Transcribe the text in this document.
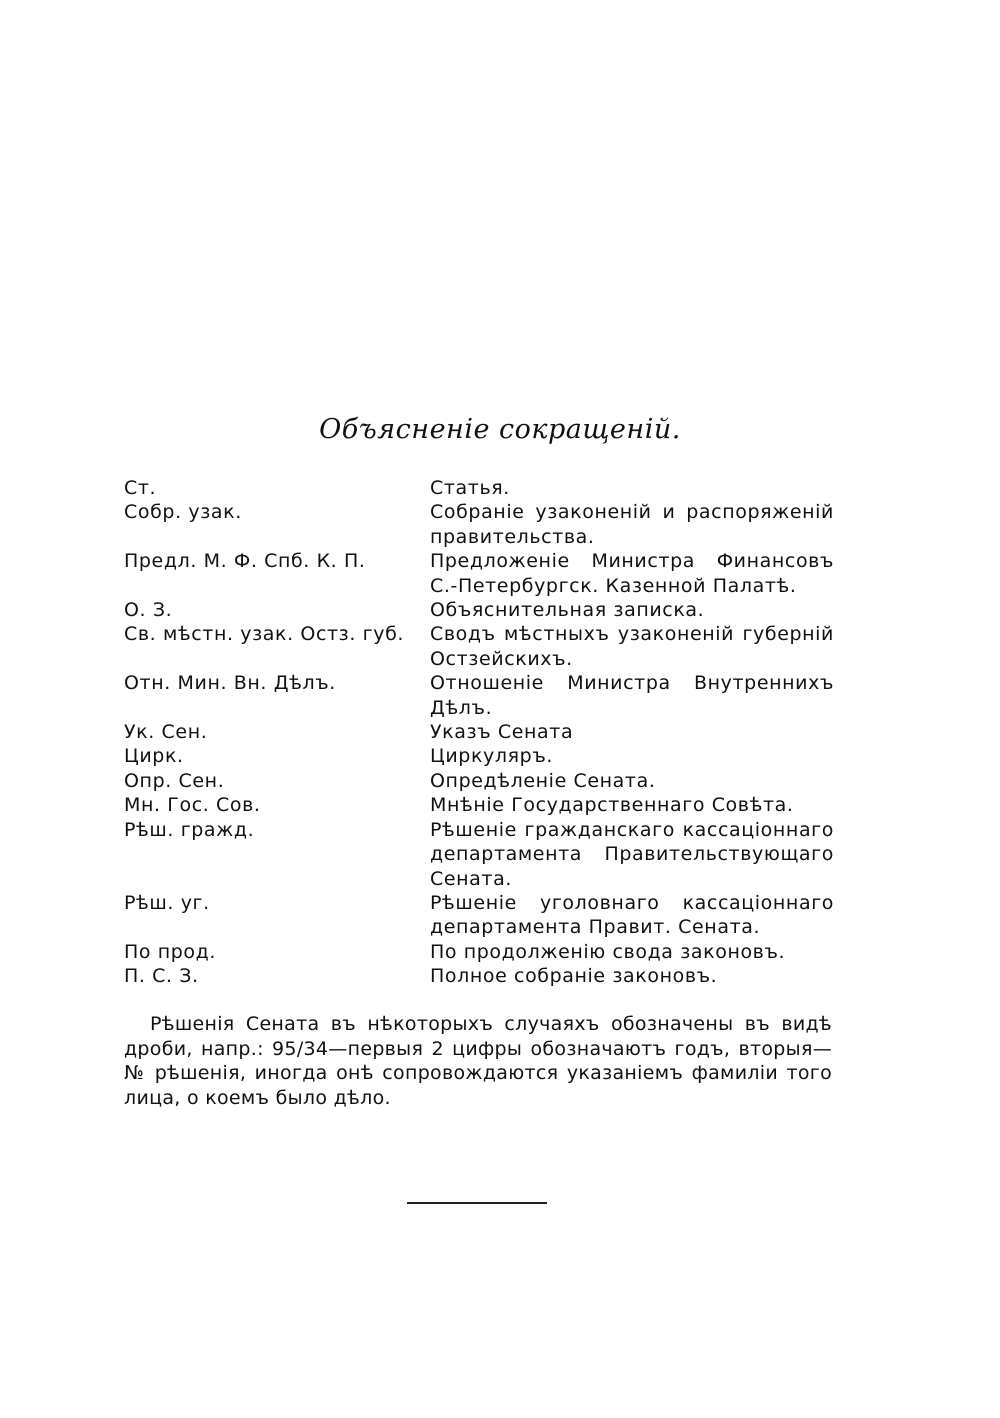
Объясненіе сокращеній.
Ст.	Статья.
Собр. узак.	Собраніе узаконеній и распоряженій правительства.
Предл. М. Ф. Спб. К. П.	Предложеніе Министра Финансовъ С.-Петербургск. Казенной Палатѣ.
О. З.	Объяснительная записка.
Св. мѣстн. узак. Остз. губ.	Сводъ мѣстныхъ узаконеній губерній Остзейскихъ.
Отн. Мин. Вн. Дѣлъ.	Отношеніе Министра Внутреннихъ Дѣлъ.
Ук. Сен.	Указъ Сената
Цирк.	Циркуляръ.
Опр. Сен.	Опредѣленіе Сената.
Мн. Гос. Сов.	Мнѣніе Государственнаго Совѣта.
Рѣш. гражд.	Рѣшеніе гражданскаго кассаціоннаго департамента Правительствующаго Сената.
Рѣш. уг.	Рѣшеніе уголовнаго кассаціоннаго департамента Правит. Сената.
По прод.	По продолженію свода законовъ.
П. С. З.	Полное собраніе законовъ.
Рѣшенія Сената въ нѣкоторыхъ случаяхъ обозначены въ видѣ дроби, напр.: 95/34—первыя 2 цифры обозначаютъ годъ, вторыя—№ рѣшенія, иногда онѣ сопровождаются указаніемъ фамиліи того лица, о коемъ было дѣло.
